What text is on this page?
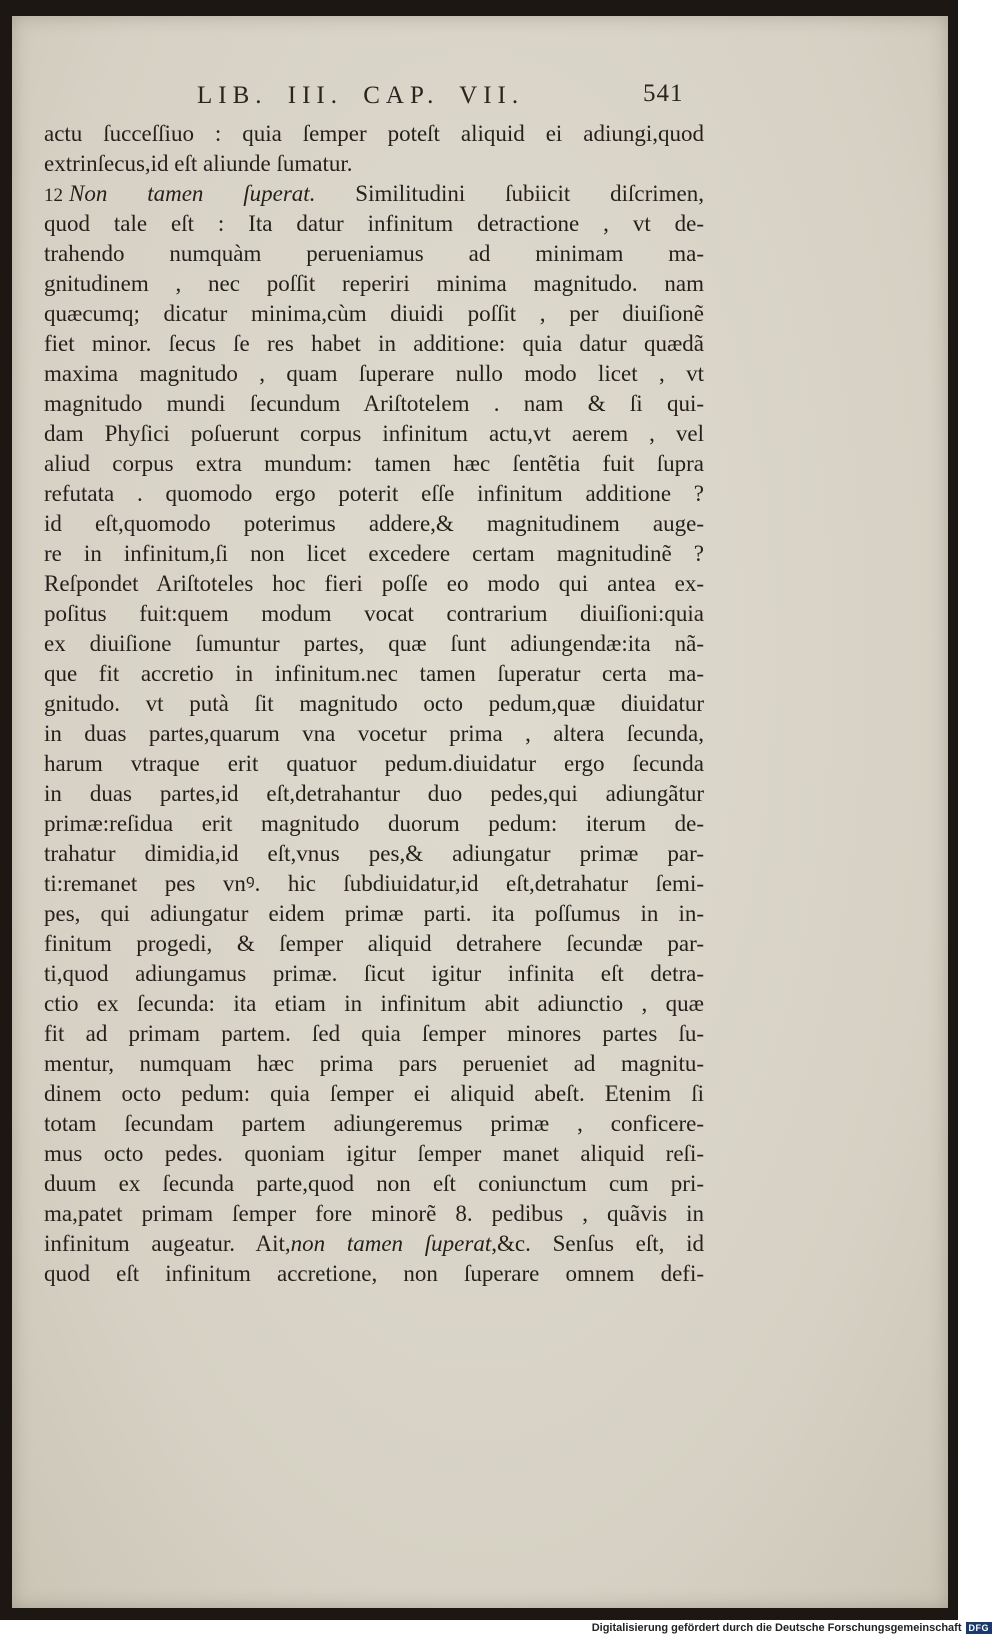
LIB. III. CAP. VII.	541
actu ſucceſſiuo : quia ſemper poteſt aliquid ei adiungi,quod
extrinſecus,id eſt aliunde ſumatur.
12 Non tamen ſuperat. Similitudini ſubiicit diſcrimen,
quod tale eſt : Ita datur infinitum detractione , vt de-
trahendo numquàm perueniamus ad minimam ma-
gnitudinem , nec poſſit reperiri minima magnitudo. nam
quæcumq; dicatur minima,cùm diuidi poſſit , per diuiſionẽ
fiet minor. ſecus ſe res habet in additione: quia datur quædã
maxima magnitudo , quam ſuperare nullo modo licet , vt
magnitudo mundi ſecundum Ariſtotelem . nam & ſi qui-
dam Phyſici poſuerunt corpus infinitum actu,vt aerem , vel
aliud corpus extra mundum: tamen hæc ſentẽtia fuit ſupra
refutata . quomodo ergo poterit eſſe infinitum additione ?
id eſt,quomodo poterimus addere,& magnitudinem auge-
re in infinitum,ſi non licet excedere certam magnitudinẽ ?
Reſpondet Ariſtoteles hoc fieri poſſe eo modo qui antea ex-
poſitus fuit:quem modum vocat contrarium diuiſioni:quia
ex diuiſione ſumuntur partes, quæ ſunt adiungendæ:ita nã-
que fit accretio in infinitum.nec tamen ſuperatur certa ma-
gnitudo. vt putà ſit magnitudo octo pedum,quæ diuidatur
in duas partes,quarum vna vocetur prima , altera ſecunda,
harum vtraque erit quatuor pedum.diuidatur ergo ſecunda
in duas partes,id eſt,detrahantur duo pedes,qui adiungãtur
primæ:reſidua erit magnitudo duorum pedum: iterum de-
trahatur dimidia,id eſt,vnus pes,& adiungatur primæ par-
ti:remanet pes vnꝰ. hic ſubdiuidatur,id eſt,detrahatur ſemi-
pes, qui adiungatur eidem primæ parti. ita poſſumus in in-
finitum progedi, & ſemper aliquid detrahere ſecundæ par-
ti,quod adiungamus primæ. ſicut igitur infinita eſt detra-
ctio ex ſecunda: ita etiam in infinitum abit adiunctio , quæ
fit ad primam partem. ſed quia ſemper minores partes ſu-
mentur, numquam hæc prima pars perueniet ad magnitu-
dinem octo pedum: quia ſemper ei aliquid abeſt. Etenim ſi
totam ſecundam partem adiungeremus primæ , conficere-
mus octo pedes. quoniam igitur ſemper manet aliquid reſi-
duum ex ſecunda parte,quod non eſt coniunctum cum pri-
ma,patet primam ſemper fore minorẽ 8. pedibus , quãvis in
infinitum augeatur. Ait,non tamen ſuperat,&c. Senſus eſt, id
quod eſt infinitum accretione, non ſuperare omnem defi-
Digitalisierung gefördert durch die Deutsche Forschungsgemeinschaft DFG
